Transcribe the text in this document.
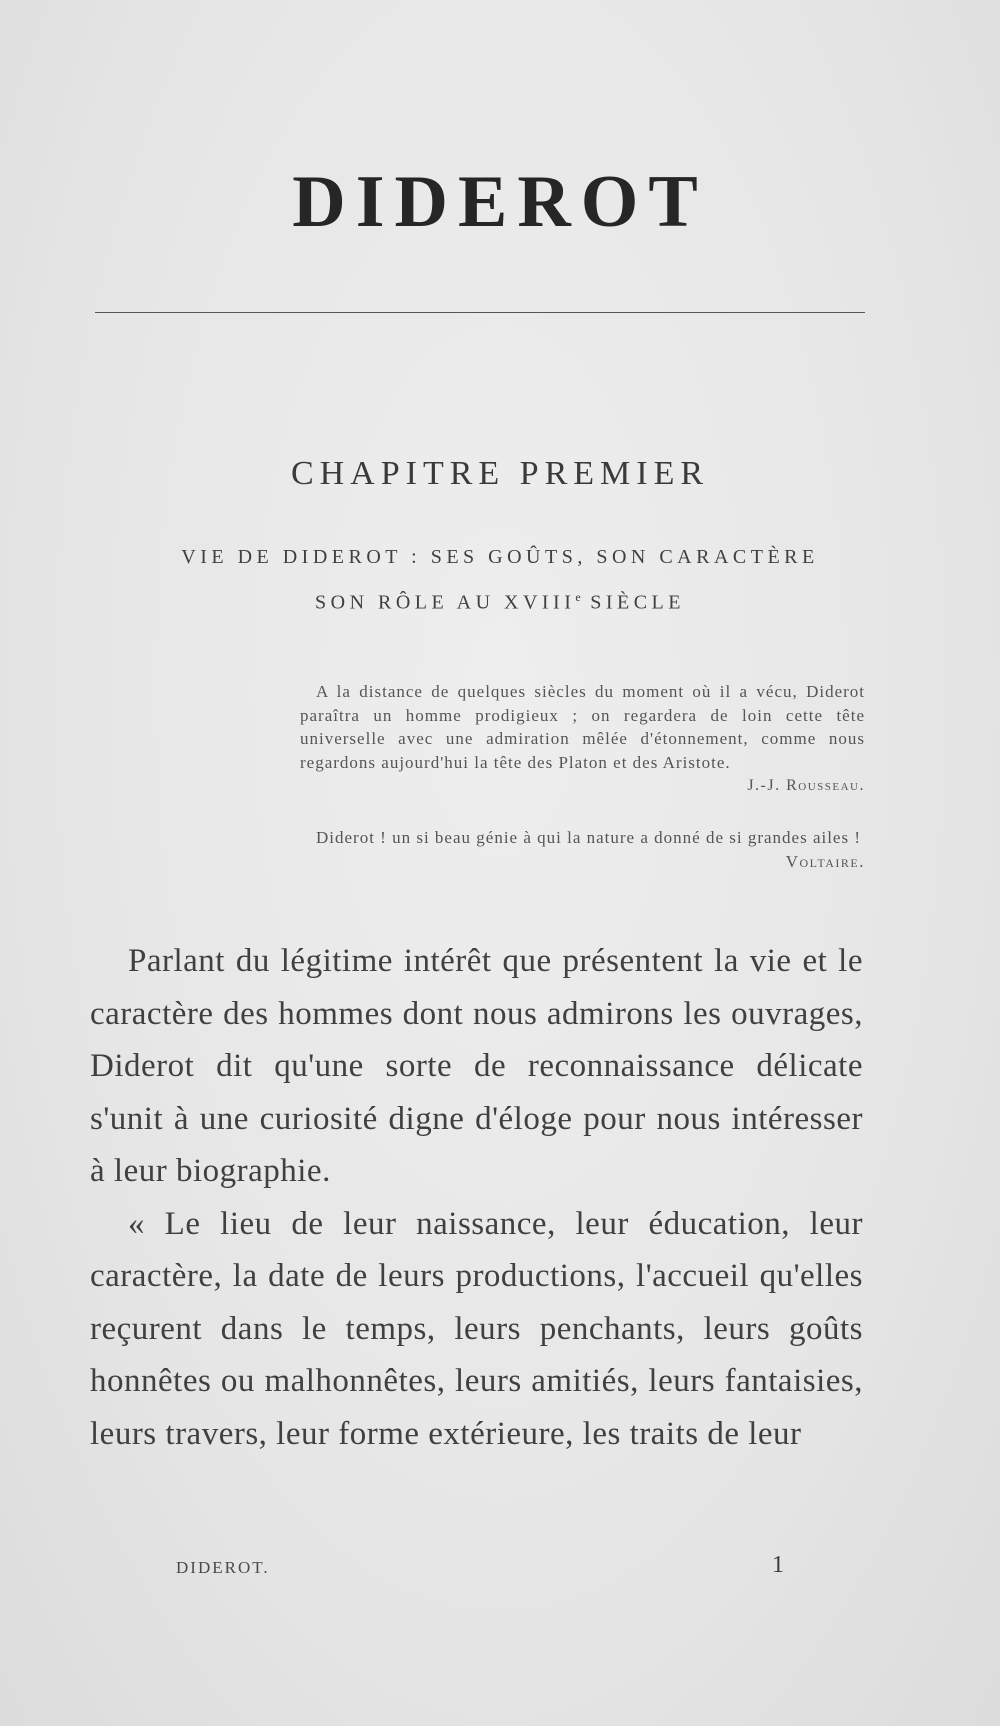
DIDEROT
CHAPITRE PREMIER
VIE DE DIDEROT : SES GOÛTS, SON CARACTÈRE
SON RÔLE AU XVIIIe SIÈCLE

A la distance de quelques siècles du moment où il a vécu, Diderot paraîtra un homme prodigieux ; on regardera de loin cette tête universelle avec une admiration mêlée d'étonnement, comme nous regardons aujourd'hui la tête des Platon et des Aristote.

J.-J. Rousseau.

Diderot ! un si beau génie à qui la nature a donné de si grandes ailes !
Voltaire.

Parlant du légitime intérêt que présentent la vie et le caractère des hommes dont nous admirons les ouvrages, Diderot dit qu'une sorte de reconnaissance délicate s'unit à une curiosité digne d'éloge pour nous intéresser à leur biographie.

« Le lieu de leur naissance, leur éducation, leur caractère, la date de leurs productions, l'accueil qu'elles reçurent dans le temps, leurs penchants, leurs goûts honnêtes ou malhonnêtes, leurs amitiés, leurs fantaisies, leurs travers, leur forme extérieure, les traits de leur

DIDEROT.	1
